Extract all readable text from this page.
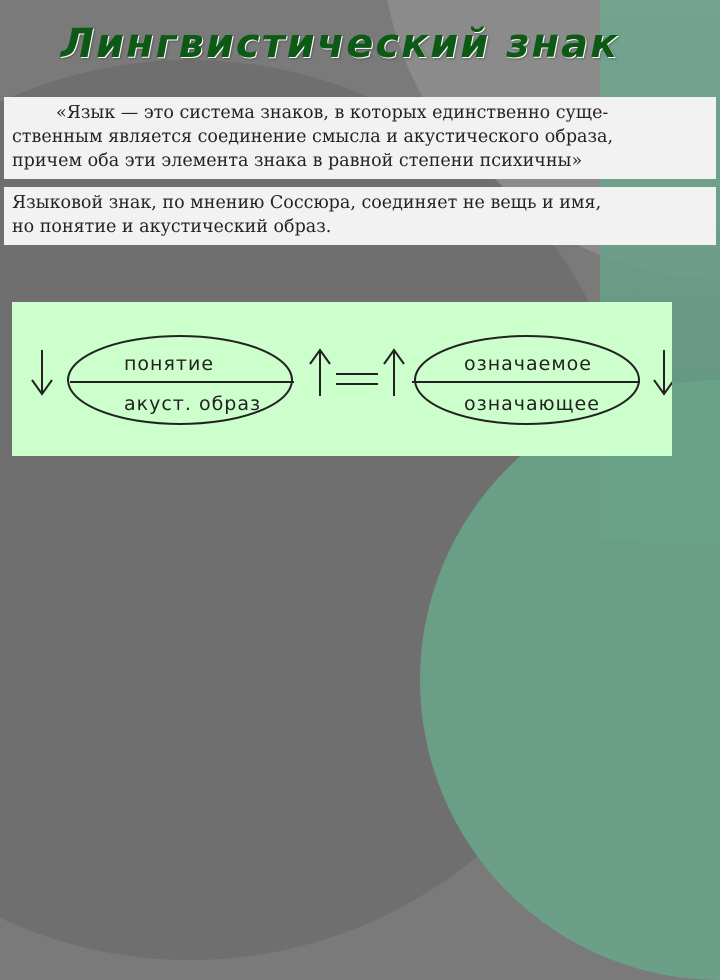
Лингвистический знак
«Язык — это система знаков, в которых единственно суще-
ственным является соединение смысла и акустического образа,
причем оба эти элемента знака в равной степени психичны»
Языковой знак, по мнению Соссюра, соединяет не вещь и имя,
но понятие и акустический образ.
понятие
акуст. образ
означаемое
означающее
